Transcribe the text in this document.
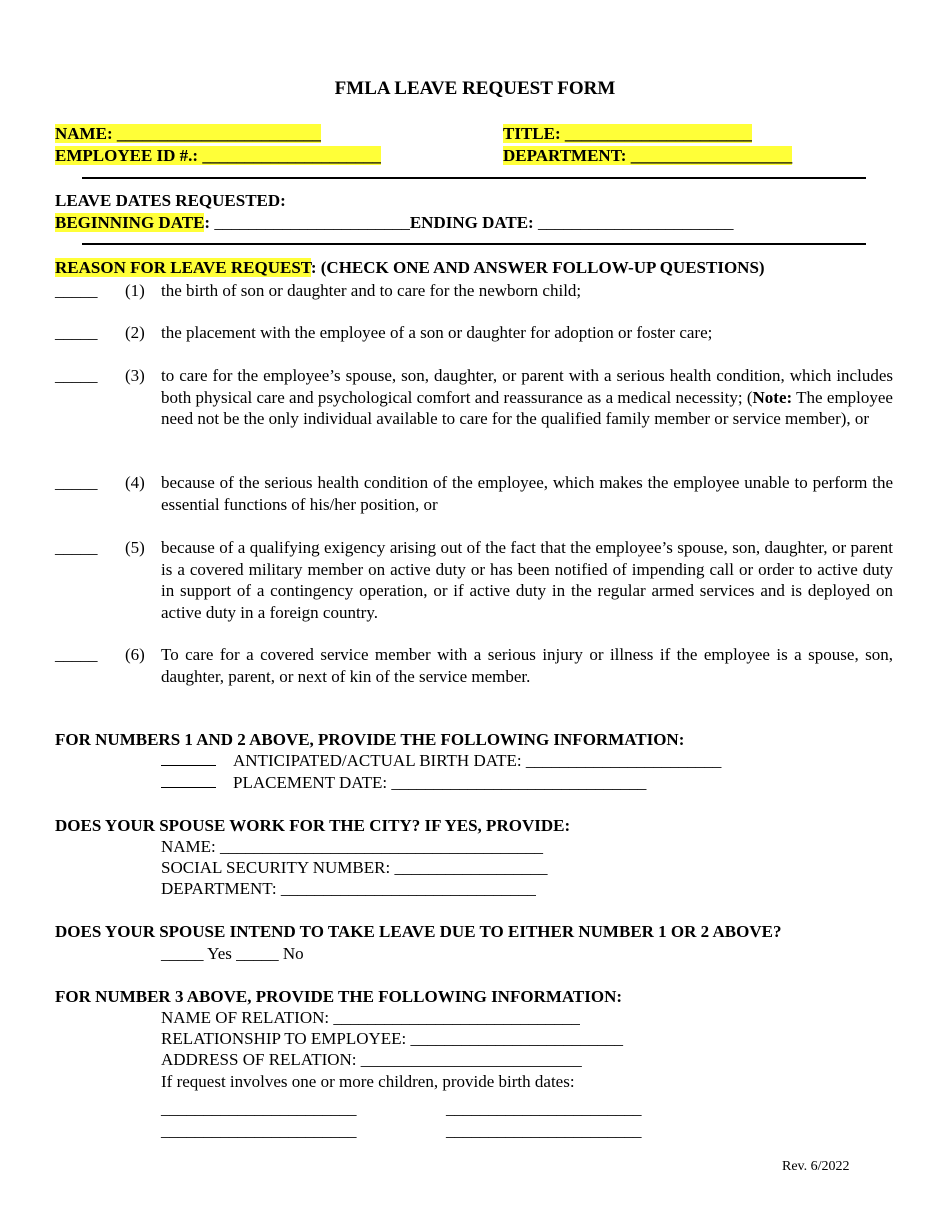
FMLA LEAVE REQUEST FORM
NAME: ________________________	TITLE: ______________________
EMPLOYEE ID #.: _____________________	DEPARTMENT: ___________________
LEAVE DATES REQUESTED:
BEGINNING DATE: _______________________ENDING DATE: _______________________
REASON FOR LEAVE REQUEST: (CHECK ONE AND ANSWER FOLLOW-UP QUESTIONS)
_____ (1) the birth of son or daughter and to care for the newborn child;
_____ (2) the placement with the employee of a son or daughter for adoption or foster care;
_____ (3) to care for the employee’s spouse, son, daughter, or parent with a serious health condition, which includes both physical care and psychological comfort and reassurance as a medical necessity; (Note: The employee need not be the only individual available to care for the qualified family member or service member), or
_____ (4) because of the serious health condition of the employee, which makes the employee unable to perform the essential functions of his/her position, or
_____ (5) because of a qualifying exigency arising out of the fact that the employee’s spouse, son, daughter, or parent is a covered military member on active duty or has been notified of impending call or order to active duty in support of a contingency operation, or if active duty in the regular armed services and is deployed on active duty in a foreign country.
_____ (6) To care for a covered service member with a serious injury or illness if the employee is a spouse, son, daughter, parent, or next of kin of the service member.
FOR NUMBERS 1 AND 2 ABOVE, PROVIDE THE FOLLOWING INFORMATION:
ANTICIPATED/ACTUAL BIRTH DATE: _______________________
PLACEMENT DATE: ______________________________
DOES YOUR SPOUSE WORK FOR THE CITY? IF YES, PROVIDE:
NAME: ______________________________________
SOCIAL SECURITY NUMBER: __________________
DEPARTMENT: ______________________________
DOES YOUR SPOUSE INTEND TO TAKE LEAVE DUE TO EITHER NUMBER 1 OR 2 ABOVE?
_____ Yes _____ No
FOR NUMBER 3 ABOVE, PROVIDE THE FOLLOWING INFORMATION:
NAME OF RELATION: _____________________________
RELATIONSHIP TO EMPLOYEE: _________________________
ADDRESS OF RELATION: __________________________
If request involves one or more children, provide birth dates:
_______________________	_______________________
_______________________	_______________________
Rev. 6/2022
